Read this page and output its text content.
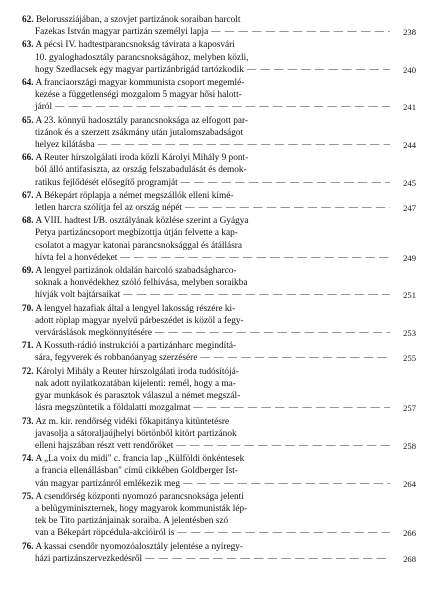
62. Belorussziájában, a szovjet partizánok soraiban harcolt
Fazekas István magyar partizán személyi lapja — — —	238
63. A pécsi IV. hadtestparancsnokság távirata a kaposvári
10. gyaloghadosztály parancsnokságához, melyben közli,
hogy Szedlacsek egy magyar partizánbrigád tartózkodik — — —	240
64. A franciaországi magyar kommunista csoport megemlé-
kezése a függetlenségi mozgalom 5 magyar hősi halott-
járól — — —	241
65. A 23. könnyű hadosztály parancsnoksága az elfogott par-
tizánok és a szerzett zsákmány után jutalomszabadságot
helyez kilátásba — — —	244
66. A Reuter hírszolgálati iroda közli Károlyi Mihály 9 pont-
ból álló antifasiszta, az ország felszabadulását és demok-
ratikus fejlődését elősegítő programját — — —	245
67. A Békepárt röplapja a német megszállók elleni kímé-
letlen harcra szólítja fel az ország népét — — —	247
68. A VIII. hadtest I/B. osztályának közlése szerint a Gyágya
Petya partizáncsoport megbízottja útján felvette a kap-
csolatot a magyar katonai parancsnoksággal és átállásra
hívta fel a honvédeket — — —	249
69. A lengyel partizánok oldalán harcoló szabadságharco-
soknak a honvédekhez szóló felhívása, melyben soraikba
hívják volt bajtársaikat — — —	251
70. A lengyel hazafiak által a lengyel lakosság részére ki-
adott röplap magyar nyelvű párbeszédet is közöl a fegy-
verváráslások megkönnyítésére — — —	253
71. A Kossuth-rádió instrukciói a partizánharc megindítá-
sára, fegyverek és robbanóanyag szerzésére — — —	255
72. Károlyi Mihály a Reuter hírszolgálati iroda tudósítójá-
nak adott nyilatkozatában kijelenti: remél, hogy a ma-
gyar munkások és parasztok válaszul a német megszál-
lásra megszüntetik a földalatti mozgalmat — — —	257
73. Az m. kir. rendőrség vidéki főkapitánya kitüntetésre
javasolja a sátoraljaújhelyi börtönből kitört partizánok
elleni hajszában részt vett rendőröket — — —	258
74. A „La voix du midi" c. francia lap „Külföldi önkéntesek
a francia ellenállásban" című cikkében Goldberger Ist-
ván magyar partizánról emlékezik meg — — —	264
75. A csendőrség központi nyomozó parancsnoksága jelenti
a belügyminiszternek, hogy magyarok kommunisták lép-
tek be Tito partizánjainak soraiba. A jelentésben szó
van a Békepárt röpcédula-akcióiról is — — —	266
76. A kassai csendőr nyomozóalosztály jelentése a nyíregy-
házi partizánszervezkedésről — — —	268
